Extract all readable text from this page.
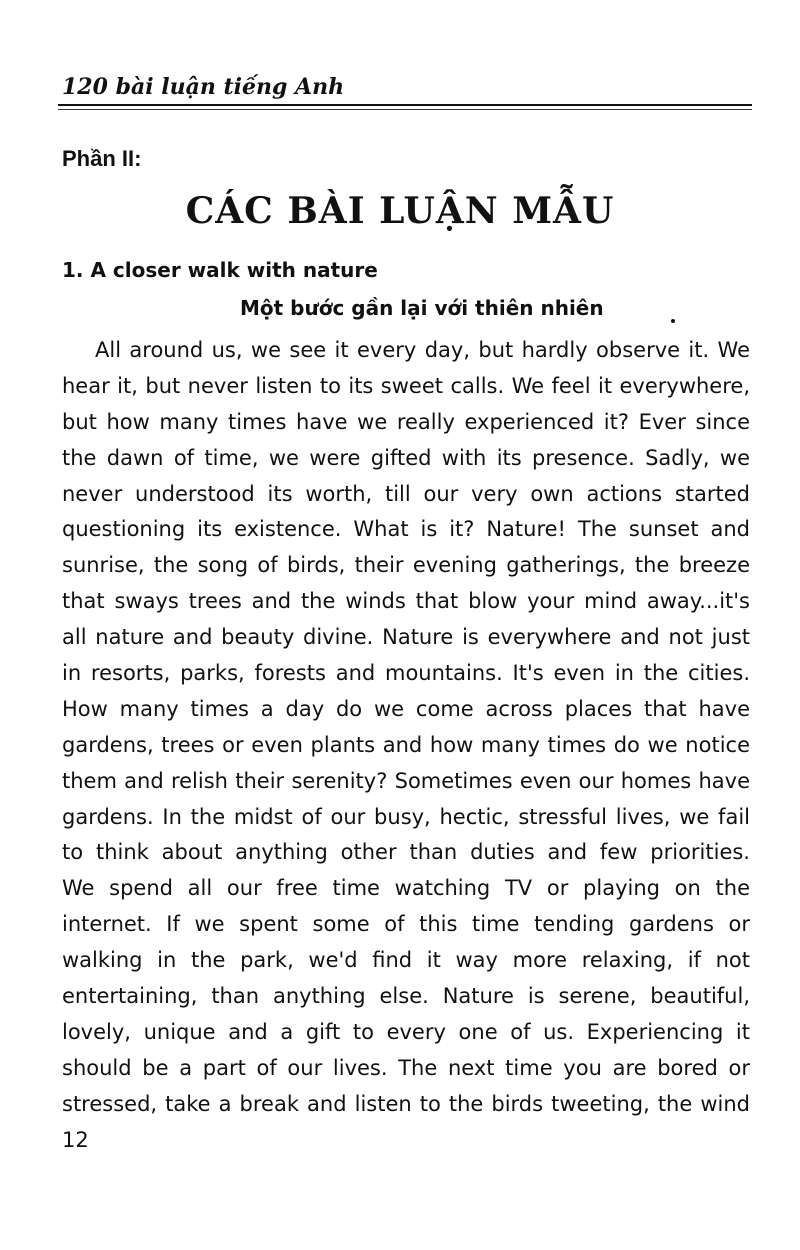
120 bài luận tiếng Anh
Phần II:
CÁC BÀI LUẬN MẪU
1. A closer walk with nature
Một bước gần lại với thiên nhiên
All around us, we see it every day, but hardly observe it. We
hear it, but never listen to its sweet calls. We feel it everywhere,
but how many times have we really experienced it? Ever since
the dawn of time, we were gifted with its presence. Sadly, we
never understood its worth, till our very own actions started
questioning its existence. What is it? Nature! The sunset and
sunrise, the song of birds, their evening gatherings, the breeze
that sways trees and the winds that blow your mind away...it's
all nature and beauty divine. Nature is everywhere and not just
in resorts, parks, forests and mountains. It's even in the cities.
How many times a day do we come across places that have
gardens, trees or even plants and how many times do we notice
them and relish their serenity? Sometimes even our homes have
gardens. In the midst of our busy, hectic, stressful lives, we fail
to think about anything other than duties and few priorities.
We spend all our free time watching TV or playing on the
internet. If we spent some of this time tending gardens or
walking in the park, we'd find it way more relaxing, if not
entertaining, than anything else. Nature is serene, beautiful,
lovely, unique and a gift to every one of us. Experiencing it
should be a part of our lives. The next time you are bored or
stressed, take a break and listen to the birds tweeting, the wind
12
